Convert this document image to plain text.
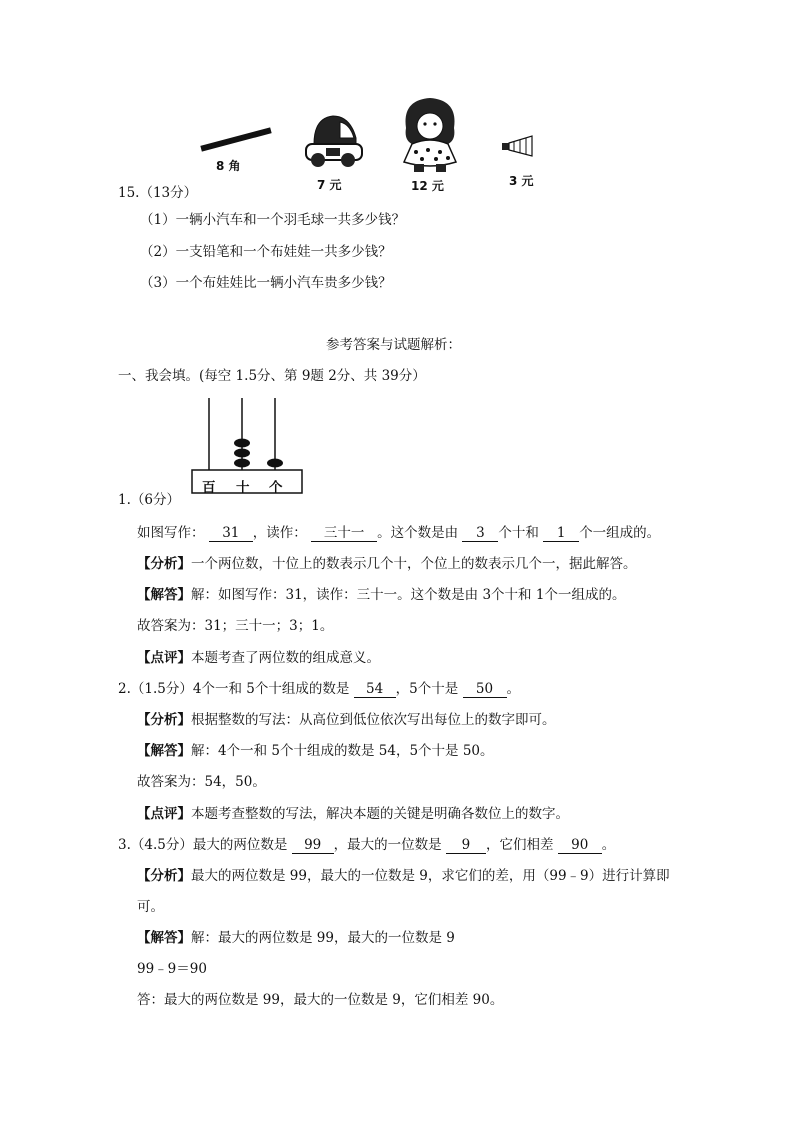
8 角
7 元	12 元	3 元
15.（13分）
（1）一辆小汽车和一个羽毛球一共多少钱？
（2）一支铅笔和一个布娃娃一共多少钱？
（3）一个布娃娃比一辆小汽车贵多少钱？
参考答案与试题解析：
一、我会填。(每空 1.5分、第 9题 2分、共 39分）
百 十 个
1.（6分）
如图写作： 31 ，读作： 三十一 。这个数是由 3 个十和 1 个一组成的。
【分析】一个两位数，十位上的数表示几个十，个位上的数表示几个一，据此解答。
【解答】解：如图写作：31，读作：三十一。这个数是由 3个十和 1个一组成的。
故答案为：31；三十一；3；1。
【点评】本题考查了两位数的组成意义。
2.（1.5分）4个一和 5个十组成的数是 54 ，5个十是 50 。
【分析】根据整数的写法：从高位到低位依次写出每位上的数字即可。
【解答】解：4个一和 5个十组成的数是 54，5个十是 50。
故答案为：54，50。
【点评】本题考查整数的写法，解决本题的关键是明确各数位上的数字。
3.（4.5分）最大的两位数是 99 ，最大的一位数是 9 ，它们相差 90 。
【分析】最大的两位数是 99，最大的一位数是 9，求它们的差，用（99﹣9）进行计算即
可。
【解答】解：最大的两位数是 99，最大的一位数是 9
99﹣9＝90
答：最大的两位数是 99，最大的一位数是 9，它们相差 90。
